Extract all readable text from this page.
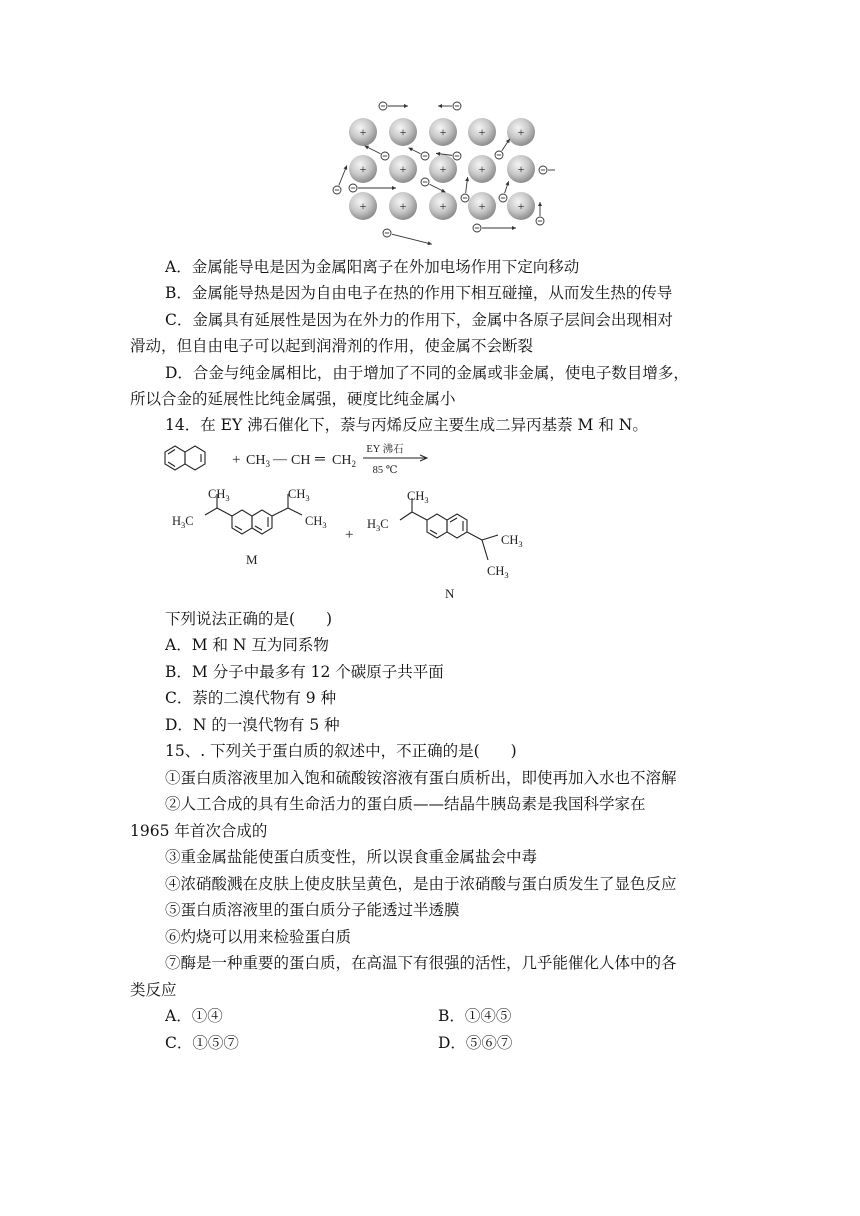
+	+	+	+	+
+	+	+	+	+
+	+	+	+	+
A．金属能导电是因为金属阳离子在外加电场作用下定向移动
B．金属能导热是因为自由电子在热的作用下相互碰撞，从而发生热的传导
C．金属具有延展性是因为在外力的作用下，金属中各原子层间会出现相对
滑动，但自由电子可以起到润滑剂的作用，使金属不会断裂
D．合金与纯金属相比，由于增加了不同的金属或非金属，使电子数目增多，
所以合金的延展性比纯金属强，硬度比纯金属小
14．在 EY 沸石催化下，萘与丙烯反应主要生成二异丙基萘 M 和 N。
+ $CH_3$ — CH ═ $CH_2$
EY 沸石
85 ℃
$CH_3$
$H_3C$
$CH_3$
$CH_3$
M
+
$CH_3$
$H_3C$
$CH_3$
$CH_3$
N
下列说法正确的是(　　)
A．M 和 N 互为同系物
B．M 分子中最多有 12 个碳原子共平面
C．萘的二溴代物有 9 种
D．N 的一溴代物有 5 种
15、. 下列关于蛋白质的叙述中，不正确的是(　　)
①蛋白质溶液里加入饱和硫酸铵溶液有蛋白质析出，即使再加入水也不溶解
②人工合成的具有生命活力的蛋白质——结晶牛胰岛素是我国科学家在
1965 年首次合成的
③重金属盐能使蛋白质变性，所以误食重金属盐会中毒
④浓硝酸溅在皮肤上使皮肤呈黄色，是由于浓硝酸与蛋白质发生了显色反应
⑤蛋白质溶液里的蛋白质分子能透过半透膜
⑥灼烧可以用来检验蛋白质
⑦酶是一种重要的蛋白质，在高温下有很强的活性，几乎能催化人体中的各
类反应
A．①④	B．①④⑤
C．①⑤⑦	D．⑤⑥⑦
